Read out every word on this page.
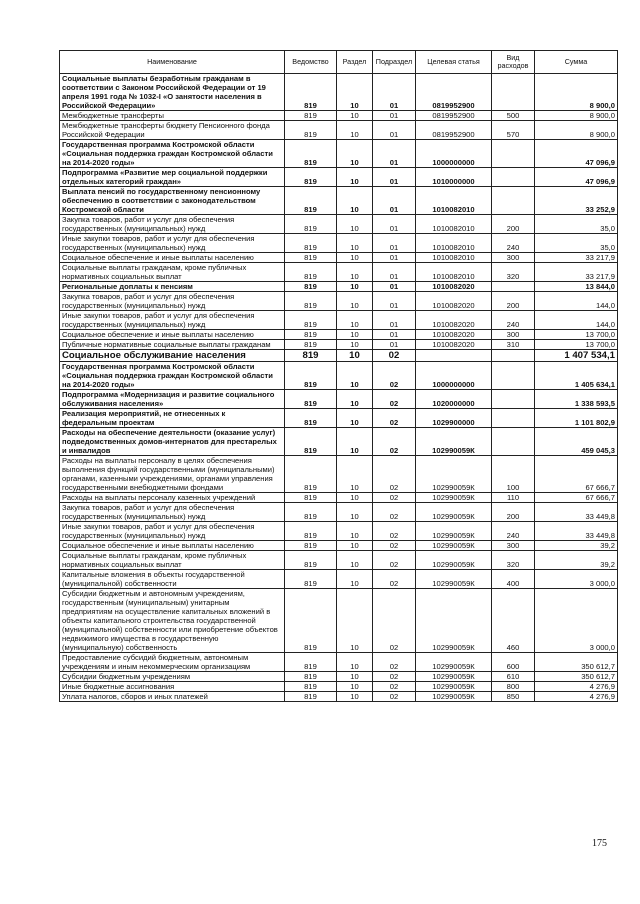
Наименование	Ведомство	Раздел	Подраздел	Целевая статья	Вид расходов	Сумма
Социальные выплаты безработным гражданам в соответствии с Законом Российской Федерации от 19 апреля 1991 года № 1032-I «О занятости населения в Российской Федерации»	819	10	01	0819952900		8 900,0
Межбюджетные трансферты	819	10	01	0819952900	500	8 900,0
Межбюджетные трансферты бюджету Пенсионного фонда Российской Федерации	819	10	01	0819952900	570	8 900,0
Государственная программа Костромской области «Социальная поддержка граждан Костромской области на 2014-2020 годы»	819	10	01	1000000000		47 096,9
Подпрограмма «Развитие мер социальной поддержки отдельных категорий граждан»	819	10	01	1010000000		47 096,9
Выплата пенсий по государственному пенсионному обеспечению в соответствии с законодательством Костромской области	819	10	01	1010082010		33 252,9
Закупка товаров, работ и услуг для обеспечения государственных (муниципальных) нужд	819	10	01	1010082010	200	35,0
Иные закупки товаров, работ и услуг для обеспечения государственных (муниципальных) нужд	819	10	01	1010082010	240	35,0
Социальное обеспечение и иные выплаты населению	819	10	01	1010082010	300	33 217,9
Социальные выплаты гражданам, кроме публичных нормативных социальных выплат	819	10	01	1010082010	320	33 217,9
Региональные доплаты к пенсиям	819	10	01	1010082020		13 844,0
Закупка товаров, работ и услуг для обеспечения государственных (муниципальных) нужд	819	10	01	1010082020	200	144,0
Иные закупки товаров, работ и услуг для обеспечения государственных (муниципальных) нужд	819	10	01	1010082020	240	144,0
Социальное обеспечение и иные выплаты населению	819	10	01	1010082020	300	13 700,0
Публичные нормативные социальные выплаты гражданам	819	10	01	1010082020	310	13 700,0
Социальное обслуживание населения	819	10	02			1 407 534,1
Государственная программа Костромской области «Социальная поддержка граждан Костромской области на 2014-2020 годы»	819	10	02	1000000000		1 405 634,1
Подпрограмма «Модернизация и развитие социального обслуживания населения»	819	10	02	1020000000		1 338 593,5
Реализация мероприятий, не отнесенных к федеральным проектам	819	10	02	1029900000		1 101 802,9
Расходы на обеспечение деятельности (оказание услуг) подведомственных домов-интернатов для престарелых и инвалидов	819	10	02	102990059К		459 045,3
Расходы на выплаты персоналу в целях обеспечения выполнения функций государственными (муниципальными) органами, казенными учреждениями, органами управления государственными внебюджетными фондами	819	10	02	102990059К	100	67 666,7
Расходы на выплаты персоналу казенных учреждений	819	10	02	102990059К	110	67 666,7
Закупка товаров, работ и услуг для обеспечения государственных (муниципальных) нужд	819	10	02	102990059К	200	33 449,8
Иные закупки товаров, работ и услуг для обеспечения государственных (муниципальных) нужд	819	10	02	102990059К	240	33 449,8
Социальное обеспечение и иные выплаты населению	819	10	02	102990059К	300	39,2
Социальные выплаты гражданам, кроме публичных нормативных социальных выплат	819	10	02	102990059К	320	39,2
Капитальные вложения в объекты государственной (муниципальной) собственности	819	10	02	102990059К	400	3 000,0
Субсидии бюджетным и автономным учреждениям, государственным (муниципальным) унитарным предприятиям на осуществление капитальных вложений в объекты капитального строительства государственной (муниципальной) собственности или приобретение объектов недвижимого имущества в государственную (муниципальную) собственность	819	10	02	102990059К	460	3 000,0
Предоставление субсидий бюджетным, автономным учреждениям и иным некоммерческим организациям	819	10	02	102990059К	600	350 612,7
Субсидии бюджетным учреждениям	819	10	02	102990059К	610	350 612,7
Иные бюджетные ассигнования	819	10	02	102990059К	800	4 276,9
Уплата налогов, сборов и иных платежей	819	10	02	102990059К	850	4 276,9
175
